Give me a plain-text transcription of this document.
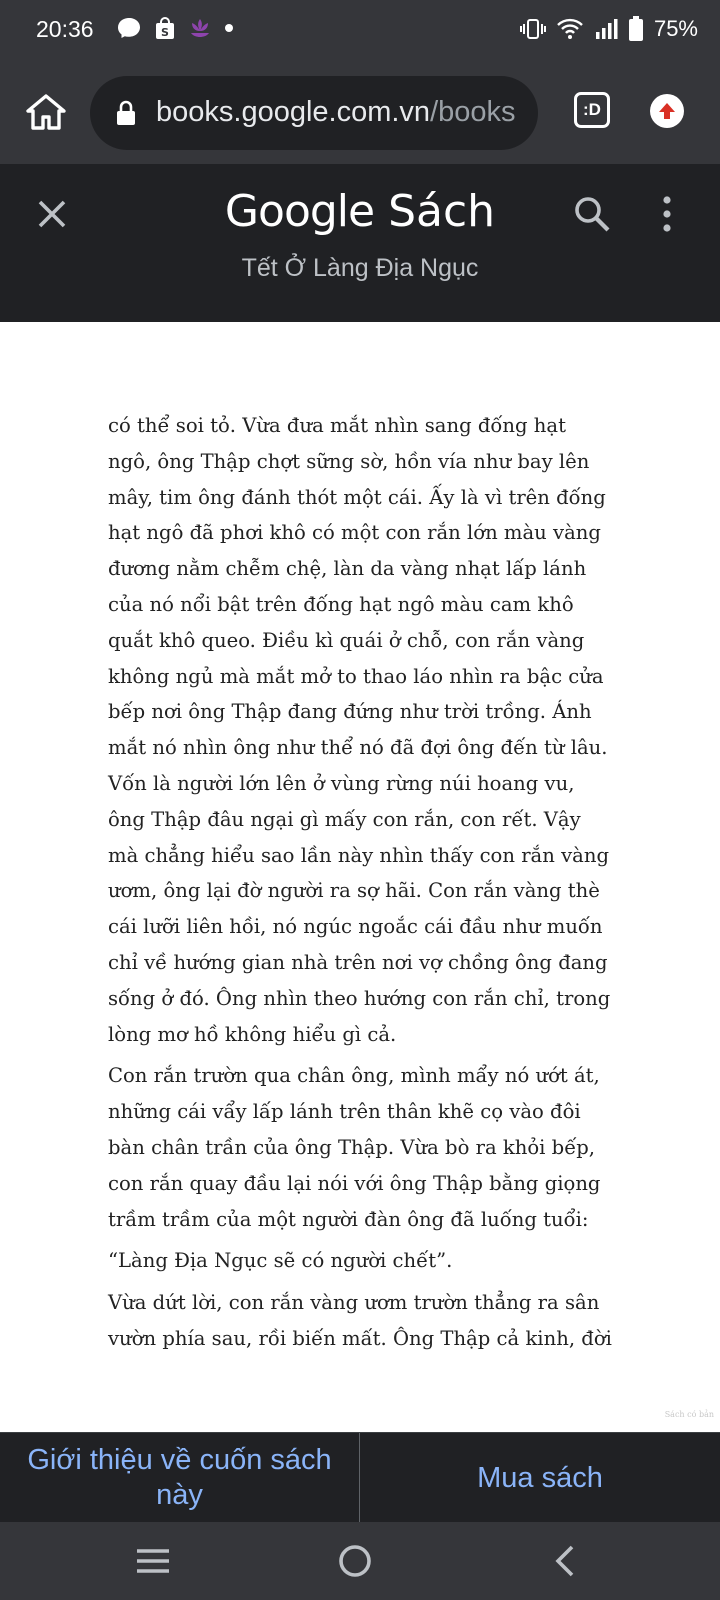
20:36	S	75%
books.google.com.vn/books	:D
Google Sách
Tết Ở Làng Địa Ngục

có thể soi tỏ. Vừa đưa mắt nhìn sang đống hạt ngô, ông Thập chợt sững sờ, hồn vía như bay lên mây, tim ông đánh thót một cái. Ấy là vì trên đống hạt ngô đã phơi khô có một con rắn lớn màu vàng đương nằm chễm chệ, làn da vàng nhạt lấp lánh của nó nổi bật trên đống hạt ngô màu cam khô quắt khô queo. Điều kì quái ở chỗ, con rắn vàng không ngủ mà mắt mở to thao láo nhìn ra bậc cửa bếp nơi ông Thập đang đứng như trời trồng. Ánh mắt nó nhìn ông như thể nó đã đợi ông đến từ lâu. Vốn là người lớn lên ở vùng rừng núi hoang vu, ông Thập đâu ngại gì mấy con rắn, con rết. Vậy mà chẳng hiểu sao lần này nhìn thấy con rắn vàng ươm, ông lại đờ người ra sợ hãi. Con rắn vàng thè cái lưỡi liên hồi, nó ngúc ngoắc cái đầu như muốn chỉ về hướng gian nhà trên nơi vợ chồng ông đang sống ở đó. Ông nhìn theo hướng con rắn chỉ, trong lòng mơ hồ không hiểu gì cả.

Con rắn trườn qua chân ông, mình mẩy nó ướt át, những cái vẩy lấp lánh trên thân khẽ cọ vào đôi bàn chân trần của ông Thập. Vừa bò ra khỏi bếp, con rắn quay đầu lại nói với ông Thập bằng giọng trầm trầm của một người đàn ông đã luống tuổi:

“Làng Địa Ngục sẽ có người chết”.

Vừa dứt lời, con rắn vàng ươm trườn thẳng ra sân vườn phía sau, rồi biến mất. Ông Thập cả kinh, đời

Sách có bản
Giới thiệu về cuốn sách này
Mua sách
